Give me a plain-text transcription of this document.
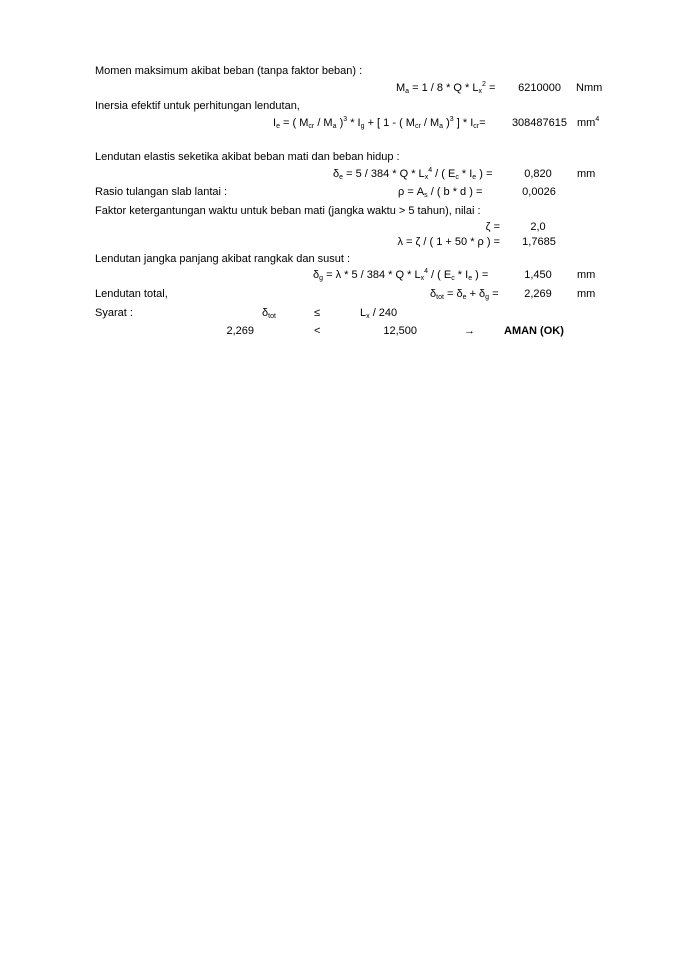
Momen maksimum akibat beban (tanpa faktor beban) :
$M_a = 1 / 8 * Q * L_x^2$ =	6210000 Nmm
Inersia efektif untuk perhitungan lendutan,
$I_e$ = ( $M_{cr} / M_a$ )$^3 * I_g$ + [ 1 - ( $M_{cr} / M_a$ )$^3$ ] * $I_{cr}=$	308487615 $mm^4$
Lendutan elastis seketika akibat beban mati dan beban hidup :
$\delta_e = 5 / 384 * Q * L_x^4$ / ( $E_c * I_e$ ) =	0,820	mm
Rasio tulangan slab lantai :	$\rho = A_s$ / ( b * d ) =	0,0026
Faktor ketergantungan waktu untuk beban mati (jangka waktu > 5 tahun), nilai :
ζ =	2,0
λ = ζ / ( 1 + 50 * ρ ) =	1,7685
Lendutan jangka panjang akibat rangkak dan susut :
$\delta_g = \lambda * 5 / 384 * Q * L_x^4$ / ( $E_c * I_e$ ) =	1,450	mm
Lendutan total,	$\delta_{tot} = \delta_e + \delta_g$ =	2,269	mm
Syarat :	$\delta_{tot}$	≤	$L_x / 240$
2,269	<	12,500	→	AMAN (OK)
